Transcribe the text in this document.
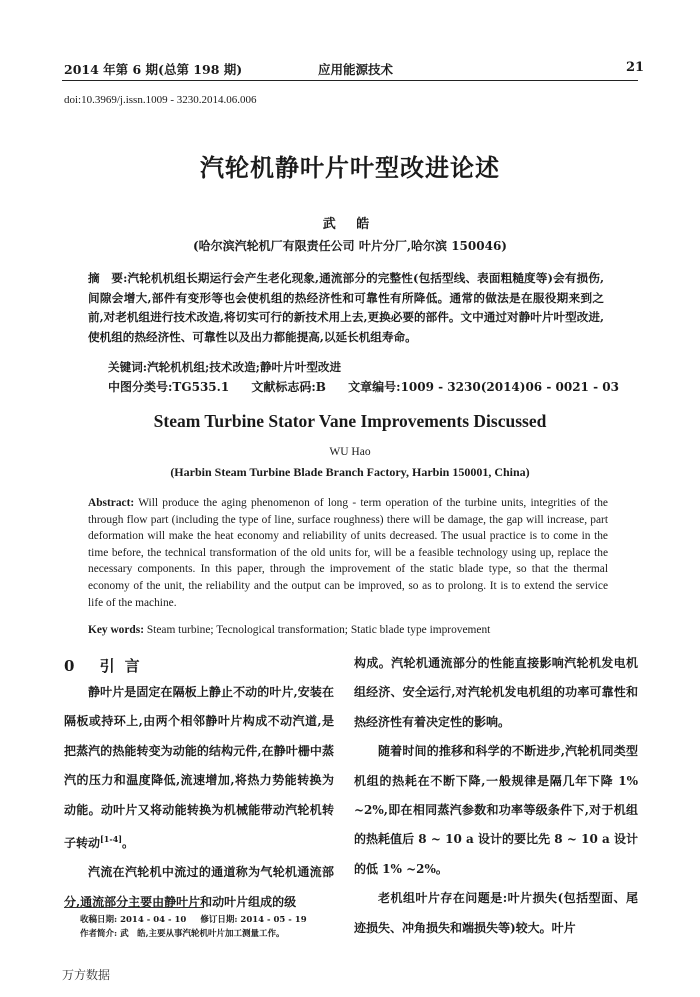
2014 年第 6 期(总第 198 期)	应用能源技术	21
doi:10.3969/j.issn.1009 - 3230.2014.06.006
汽轮机静叶片叶型改进论述
武 皓
(哈尔滨汽轮机厂有限责任公司 叶片分厂,哈尔滨 150046)
摘　要:汽轮机机组长期运行会产生老化现象,通流部分的完整性(包括型线、表面粗糙度等)会有损伤,间隙会增大,部件有变形等也会使机组的热经济性和可靠性有所降低。通常的做法是在服役期来到之前,对老机组进行技术改造,将切实可行的新技术用上去,更换必要的部件。文中通过对静叶片叶型改进,使机组的热经济性、可靠性以及出力都能提高,以延长机组寿命。
关键词:汽轮机机组;技术改造;静叶片叶型改进
中图分类号:TG535.1 文献标志码:B 文章编号:1009 - 3230(2014)06 - 0021 - 03
Steam Turbine Stator Vane Improvements Discussed
WU Hao
(Harbin Steam Turbine Blade Branch Factory, Harbin 150001, China)
Abstract: Will produce the aging phenomenon of long - term operation of the turbine units, integrities of the through flow part (including the type of line, surface roughness) there will be damage, the gap will increase, part deformation will make the heat economy and reliability of units decreased. The usual practice is to come in the time before, the technical transformation of the old units for, will be a feasible technology using up, replace the necessary components. In this paper, through the improvement of the static blade type, so that the thermal economy of the unit, the reliability and the output can be improved, so as to prolong. It is to extend the service life of the machine.
Key words: Steam turbine; Tecnological transformation; Static blade type improvement
0 引言

静叶片是固定在隔板上静止不动的叶片,安装在隔板或持环上,由两个相邻静叶片构成不动汽道,是把蒸汽的热能转变为动能的结构元件,在静叶栅中蒸汽的压力和温度降低,流速增加,将热力势能转换为动能。动叶片又将动能转换为机械能带动汽轮机转子转动[1-4]。

汽流在汽轮机中流过的通道称为气轮机通流部分,通流部分主要由静叶片和动叶片组成的级

构成。汽轮机通流部分的性能直接影响汽轮机发电机组经济、安全运行,对汽轮机发电机组的功率可靠性和热经济性有着决定性的影响。

随着时间的推移和科学的不断进步,汽轮机同类型机组的热耗在不断下降,一般规律是隔几年下降 1% ~2%,即在相同蒸汽参数和功率等级条件下,对于机组的热耗值后 8 ~ 10 a 设计的要比先 8 ~ 10 a 设计的低 1% ~2%。

老机组叶片存在问题是:叶片损失(包括型面、尾迹损失、冲角损失和端损失等)较大。叶片

收稿日期: 2014 - 04 - 10 修订日期: 2014 - 05 - 19
作者简介: 武　皓,主要从事汽轮机叶片加工测量工作。
万方数据
